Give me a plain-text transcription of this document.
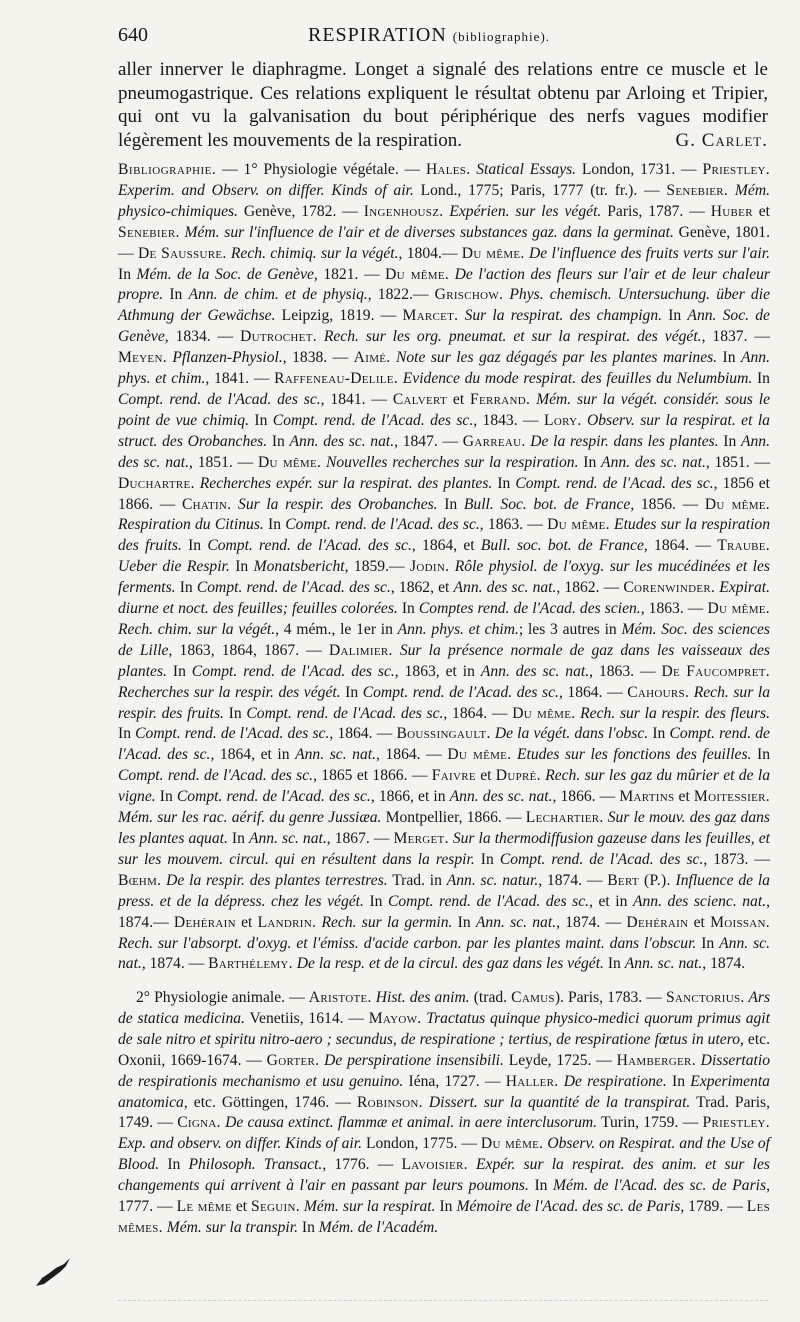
640	RESPIRATION (bibliographie).
aller innerver le diaphragme. Longet a signalé des relations entre ce muscle et le pneumogastrique. Ces relations expliquent le résultat obtenu par Arloing et Tripier, qui ont vu la galvanisation du bout périphérique des nerfs vagues modifier légèrement les mouvements de la respiration.	G. Carlet.
Bibliographie. — 1° Physiologie végétale. — Hales. Statical Essays. London, 1731. — Priestley. Experim. and Observ. on differ. Kinds of air. Lond., 1775; Paris, 1777 (tr. fr.). — Senebier. Mém. physico-chimiques. Genève, 1782. — Ingenhousz. Expérien. sur les végét. Paris, 1787. — Huber et Senebier. Mém. sur l'influence de l'air et de diverses substances gaz. dans la germinat. Genève, 1801. — De Saussure. Rech. chimiq. sur la végét., 1804.— Du même. De l'influence des fruits verts sur l'air. In Mém. de la Soc. de Genève, 1821. — Du même. De l'action des fleurs sur l'air et de leur chaleur propre. In Ann. de chim. et de physiq., 1822.— Grischow. Phys. chemisch. Untersuchung. über die Athmung der Gewächse. Leipzig, 1819. — Marcet. Sur la respirat. des champign. In Ann. Soc. de Genève, 1834. — Dutrochet. Rech. sur les org. pneumat. et sur la respirat. des végét., 1837. — Meyen. Pflanzen-Physiol., 1838. — Aimé. Note sur les gaz dégagés par les plantes marines. In Ann. phys. et chim., 1841. — Raffeneau-Delile. Evidence du mode respirat. des feuilles du Nelumbium. In Compt. rend. de l'Acad. des sc., 1841. — Calvert et Ferrand. Mém. sur la végét. considér. sous le point de vue chimiq. In Compt. rend. de l'Acad. des sc., 1843. — Lory. Observ. sur la respirat. et la struct. des Orobanches. In Ann. des sc. nat., 1847. — Garreau. De la respir. dans les plantes. In Ann. des sc. nat., 1851. — Du même. Nouvelles recherches sur la respiration. In Ann. des sc. nat., 1851. — Duchartre. Recherches expér. sur la respirat. des plantes. In Compt. rend. de l'Acad. des sc., 1856 et 1866. — Chatin. Sur la respir. des Orobanches. In Bull. Soc. bot. de France, 1856. — Du même. Respiration du Citinus. In Compt. rend. de l'Acad. des sc., 1863. — Du même. Etudes sur la respiration des fruits. In Compt. rend. de l'Acad. des sc., 1864, et Bull. soc. bot. de France, 1864. — Traube. Ueber die Respir. In Monatsbericht, 1859.— Jodin. Rôle physiol. de l'oxyg. sur les mucédinées et les ferments. In Compt. rend. de l'Acad. des sc., 1862, et Ann. des sc. nat., 1862. — Corenwinder. Expirat. diurne et noct. des feuilles; feuilles colorées. In Comptes rend. de l'Acad. des scien., 1863. — Du même. Rech. chim. sur la végét., 4 mém., le 1er in Ann. phys. et chim.; les 3 autres in Mém. Soc. des sciences de Lille, 1863, 1864, 1867. — Dalimier. Sur la présence normale de gaz dans les vaisseaux des plantes. In Compt. rend. de l'Acad. des sc., 1863, et in Ann. des sc. nat., 1863. — De Faucompret. Recherches sur la respir. des végét. In Compt. rend. de l'Acad. des sc., 1864. — Cahours. Rech. sur la respir. des fruits. In Compt. rend. de l'Acad. des sc., 1864. — Du même. Rech. sur la respir. des fleurs. In Compt. rend. de l'Acad. des sc., 1864. — Boussingault. De la végét. dans l'obsc. In Compt. rend. de l'Acad. des sc., 1864, et in Ann. sc. nat., 1864. — Du même. Etudes sur les fonctions des feuilles. In Compt. rend. de l'Acad. des sc., 1865 et 1866. — Faivre et Dupré. Rech. sur les gaz du mûrier et de la vigne. In Compt. rend. de l'Acad. des sc., 1866, et in Ann. des sc. nat., 1866. — Martins et Moitessier. Mém. sur les rac. aérif. du genre Jussiæa. Montpellier, 1866. — Lechartier. Sur le mouv. des gaz dans les plantes aquat. In Ann. sc. nat., 1867. — Merget. Sur la thermodiffusion gazeuse dans les feuilles, et sur les mouvem. circul. qui en résultent dans la respir. In Compt. rend. de l'Acad. des sc., 1873. — Bœhm. De la respir. des plantes terrestres. Trad. in Ann. sc. natur., 1874. — Bert (P.). Influence de la press. et de la dépress. chez les végét. In Compt. rend. de l'Acad. des sc., et in Ann. des scienc. nat., 1874.— Dehérain et Landrin. Rech. sur la germin. In Ann. sc. nat., 1874. — Dehérain et Moissan. Rech. sur l'absorpt. d'oxyg. et l'émiss. d'acide carbon. par les plantes maint. dans l'obscur. In Ann. sc. nat., 1874. — Barthélemy. De la resp. et de la circul. des gaz dans les végét. In Ann. sc. nat., 1874.
2° Physiologie animale. — Aristote. Hist. des anim. (trad. Camus). Paris, 1783. — Sanctorius. Ars de statica medicina. Venetiis, 1614. — Mayow. Tractatus quinque physico-medici quorum primus agit de sale nitro et spiritu nitro-aero ; secundus, de respiratione ; tertius, de respiratione fœtus in utero, etc. Oxonii, 1669-1674. — Gorter. De perspiratione insensibili. Leyde, 1725. — Hamberger. Dissertatio de respirationis mechanismo et usu genuino. Iéna, 1727. — Haller. De respiratione. In Experimenta anatomica, etc. Göttingen, 1746. — Robinson. Dissert. sur la quantité de la transpirat. Trad. Paris, 1749. — Cigna. De causa extinct. flammæ et animal. in aere interclusorum. Turin, 1759. — Priestley. Exp. and observ. on differ. Kinds of air. London, 1775. — Du même. Observ. on Respirat. and the Use of Blood. In Philosoph. Transact., 1776. — Lavoisier. Expér. sur la respirat. des anim. et sur les changements qui arrivent à l'air en passant par leurs poumons. In Mém. de l'Acad. des sc. de Paris, 1777. — Le même et Seguin. Mém. sur la respirat. In Mémoire de l'Acad. des sc. de Paris, 1789. — Les mêmes. Mém. sur la transpir. In Mém. de l'Académ.
